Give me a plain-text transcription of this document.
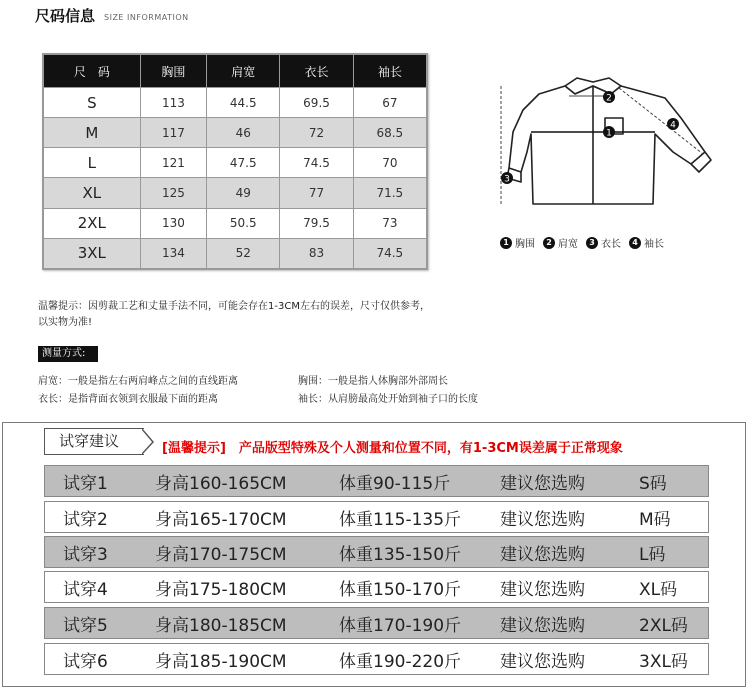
尺码信息 SIZE INFORMATION
尺　码	胸围	肩宽	衣长	袖长
S	113	44.5	69.5	67
M	117	46	72	68.5
L	121	47.5	74.5	70
XL	125	49	77	71.5
2XL	130	50.5	79.5	73
3XL	134	52	83	74.5
1
2
3
4
1 胸围	2 肩宽	3 衣长	4 袖长
温馨提示：因剪裁工艺和丈量手法不同，可能会存在1-3CM左右的误差，尺寸仅供参考，
以实物为准!
测量方式:
肩宽：一般是指左右两肩峰点之间的直线距离	胸围：一般是指人体胸部外部周长
衣长：是指背面衣领到衣服最下面的距离	袖长：从肩膀最高处开始到袖子口的长度
试穿建议	[温馨提示]　产品版型特殊及个人测量和位置不同，有1-3CM误差属于正常现象
试穿1	身高160-165CM	体重90-115斤	建议您选购	S码
试穿2	身高165-170CM	体重115-135斤 建议您选购	M码
试穿3	身高170-175CM	体重135-150斤 建议您选购	L码
试穿4	身高175-180CM	体重150-170斤 建议您选购	XL码
试穿5	身高180-185CM	体重170-190斤 建议您选购	2XL码
试穿6	身高185-190CM	体重190-220斤 建议您选购	3XL码
